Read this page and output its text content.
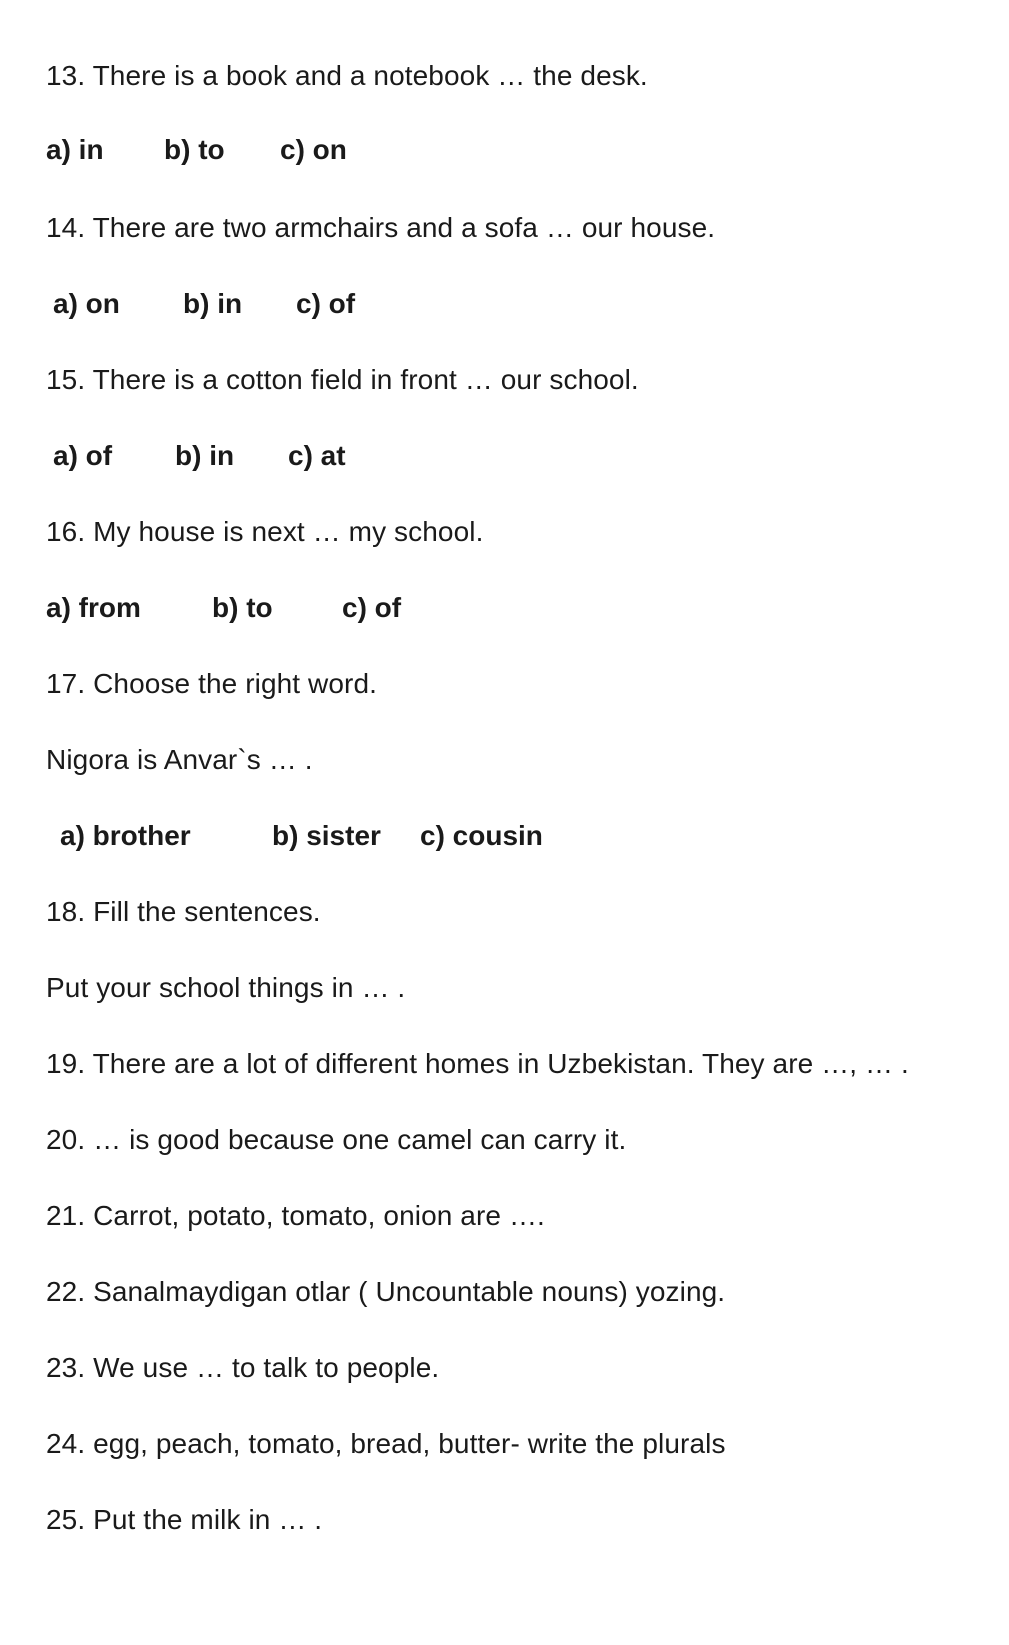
13. There is a book and a notebook … the desk.
a) in b) to c) on
14. There are two armchairs and a sofa … our house.
a) on b) in c) of
15. There is a cotton field in front … our school.
a) of b) in c) at
16. My house is next … my school.
a) from	b) to c) of
17. Choose the right word.
Nigora is Anvar`s … .
a) brother	b) sister c) cousin
18. Fill the sentences.
Put your school things in … .
19. There are a lot of different homes in Uzbekistan. They are …, … .
20. … is good because one camel can carry it.
21. Carrot, potato, tomato, onion are ….
22. Sanalmaydigan otlar ( Uncountable nouns) yozing.
23. We use … to talk to people.
24. egg, peach, tomato, bread, butter- write the plurals
25. Put the milk in … .
